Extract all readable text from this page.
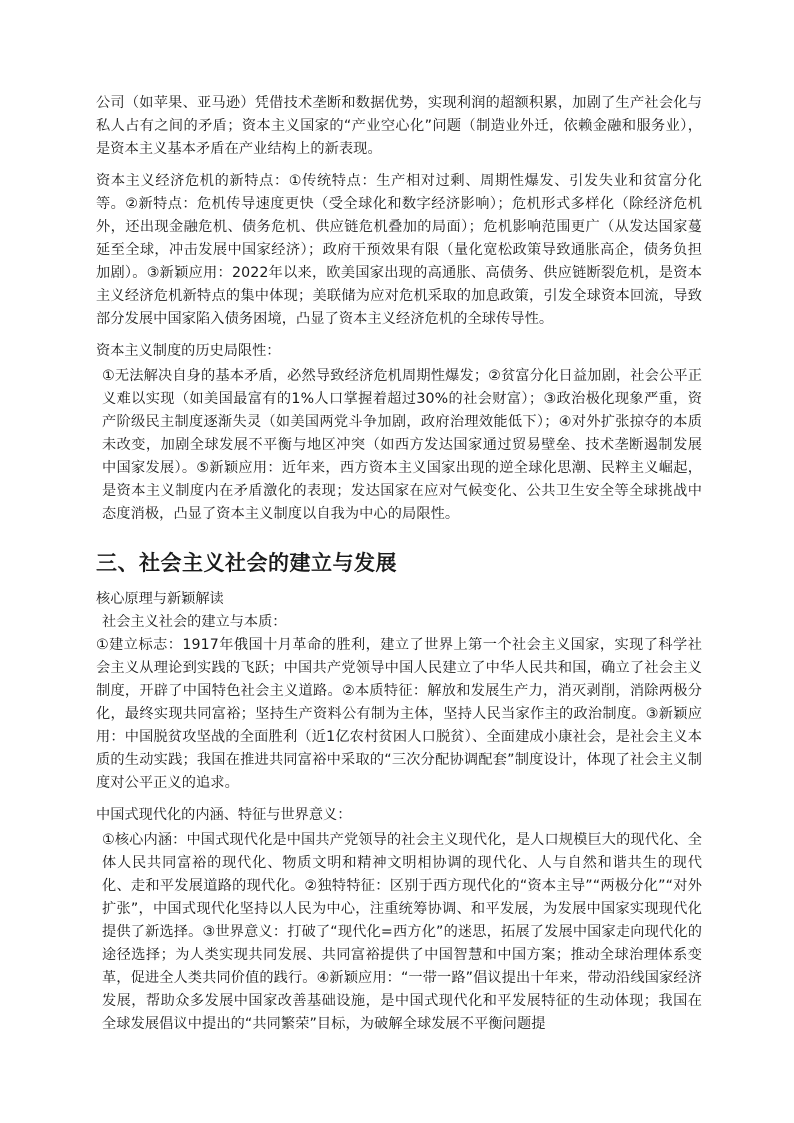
公司（如苹果、亚马逊）凭借技术垄断和数据优势，实现利润的超额积累，加剧了生产社会化与私人占有之间的矛盾；资本主义国家的“产业空心化”问题（制造业外迁，依赖金融和服务业），是资本主义基本矛盾在产业结构上的新表现。

资本主义经济危机的新特点：①传统特点：生产相对过剩、周期性爆发、引发失业和贫富分化等。②新特点：危机传导速度更快（受全球化和数字经济影响）；危机形式多样化（除经济危机外，还出现金融危机、债务危机、供应链危机叠加的局面）；危机影响范围更广（从发达国家蔓延至全球，冲击发展中国家经济）；政府干预效果有限（量化宽松政策导致通胀高企，债务负担加剧）。③新颖应用：2022年以来，欧美国家出现的高通胀、高债务、供应链断裂危机，是资本主义经济危机新特点的集中体现；美联储为应对危机采取的加息政策，引发全球资本回流，导致部分发展中国家陷入债务困境，凸显了资本主义经济危机的全球传导性。

资本主义制度的历史局限性：

①无法解决自身的基本矛盾，必然导致经济危机周期性爆发；②贫富分化日益加剧，社会公平正义难以实现（如美国最富有的1%人口掌握着超过30%的社会财富）；③政治极化现象严重，资产阶级民主制度逐渐失灵（如美国两党斗争加剧，政府治理效能低下）；④对外扩张掠夺的本质未改变，加剧全球发展不平衡与地区冲突（如西方发达国家通过贸易壁垒、技术垄断遏制发展中国家发展）。⑤新颖应用：近年来，西方资本主义国家出现的逆全球化思潮、民粹主义崛起，是资本主义制度内在矛盾激化的表现；发达国家在应对气候变化、公共卫生安全等全球挑战中态度消极，凸显了资本主义制度以自我为中心的局限性。

三、社会主义社会的建立与发展

核心原理与新颖解读

社会主义社会的建立与本质：

①建立标志：1917年俄国十月革命的胜利，建立了世界上第一个社会主义国家，实现了科学社会主义从理论到实践的飞跃；中国共产党领导中国人民建立了中华人民共和国，确立了社会主义制度，开辟了中国特色社会主义道路。②本质特征：解放和发展生产力，消灭剥削，消除两极分化，最终实现共同富裕；坚持生产资料公有制为主体，坚持人民当家作主的政治制度。③新颖应用：中国脱贫攻坚战的全面胜利（近1亿农村贫困人口脱贫）、全面建成小康社会，是社会主义本质的生动实践；我国在推进共同富裕中采取的“三次分配协调配套”制度设计，体现了社会主义制度对公平正义的追求。

中国式现代化的内涵、特征与世界意义：

①核心内涵：中国式现代化是中国共产党领导的社会主义现代化，是人口规模巨大的现代化、全体人民共同富裕的现代化、物质文明和精神文明相协调的现代化、人与自然和谐共生的现代化、走和平发展道路的现代化。②独特特征：区别于西方现代化的“资本主导”“两极分化”“对外扩张”，中国式现代化坚持以人民为中心，注重统筹协调、和平发展，为发展中国家实现现代化提供了新选择。③世界意义：打破了“现代化=西方化”的迷思，拓展了发展中国家走向现代化的途径选择；为人类实现共同发展、共同富裕提供了中国智慧和中国方案；推动全球治理体系变革，促进全人类共同价值的践行。④新颖应用：“一带一路”倡议提出十年来，带动沿线国家经济发展，帮助众多发展中国家改善基础设施，是中国式现代化和平发展特征的生动体现；我国在全球发展倡议中提出的“共同繁荣”目标，为破解全球发展不平衡问题提
